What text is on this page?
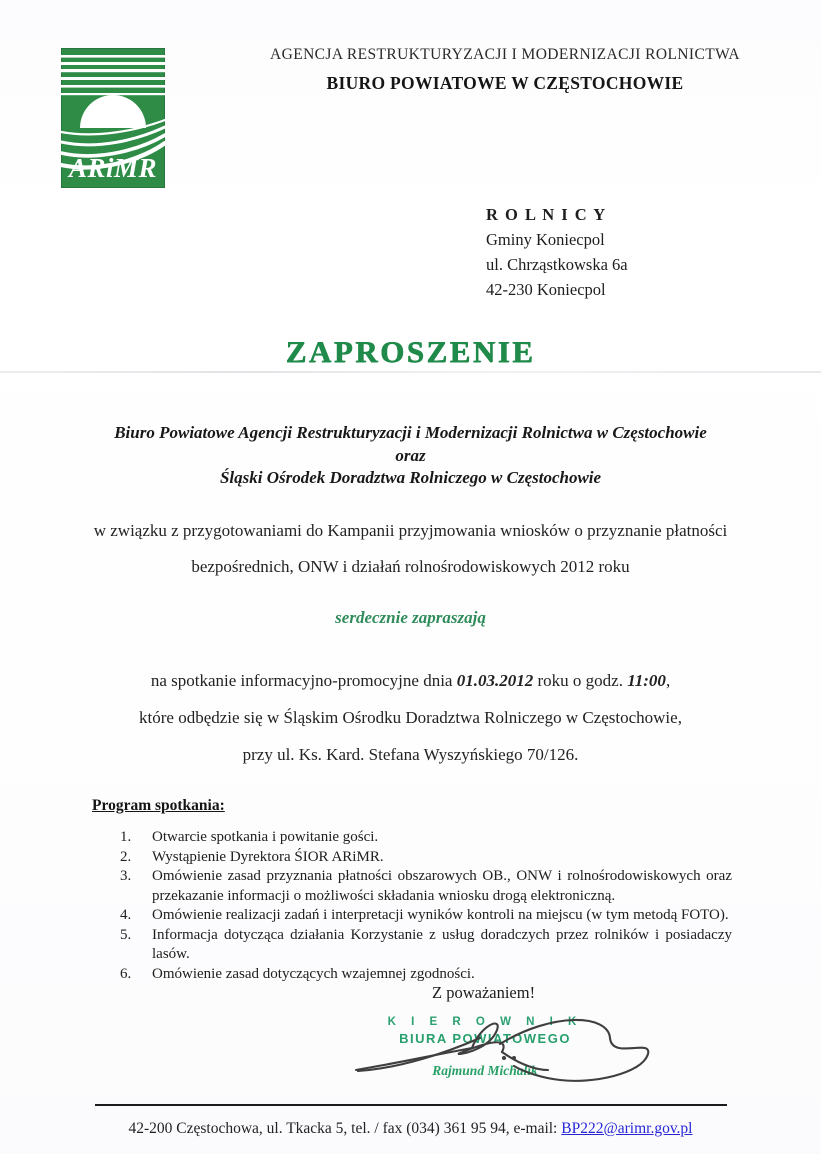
ARiMR
AGENCJA RESTRUKTURYZACJI I MODERNIZACJI ROLNICTWA
BIURO POWIATOWE W CZĘSTOCHOWIE
R O L N I C Y
Gminy Koniecpol
ul. Chrząstkowska 6a
42-230 Koniecpol
ZAPROSZENIE
Biuro Powiatowe Agencji Restrukturyzacji i Modernizacji Rolnictwa w Częstochowie
oraz
Śląski Ośrodek Doradztwa Rolniczego w Częstochowie
w związku z przygotowaniami do Kampanii przyjmowania wniosków o przyznanie płatności
bezpośrednich, ONW i działań rolnośrodowiskowych 2012 roku
serdecznie zapraszają
na spotkanie informacyjno-promocyjne dnia 01.03.2012 roku o godz. 11:00,
które odbędzie się w Śląskim Ośrodku Doradztwa Rolniczego w Częstochowie,
przy ul. Ks. Kard. Stefana Wyszyńskiego 70/126.
Program spotkania:
1.	Otwarcie spotkania i powitanie gości.
2.	Wystąpienie Dyrektora ŚIOR ARiMR.
3.	Omówienie zasad przyznania płatności obszarowych OB., ONW i rolnośrodowiskowych oraz przekazanie informacji o możliwości składania wniosku drogą elektroniczną.
4.	Omówienie realizacji zadań i interpretacji wyników kontroli na miejscu (w tym metodą FOTO).
5.	Informacja dotycząca działania Korzystanie z usług doradczych przez rolników i posiadaczy lasów.
6.	Omówienie zasad dotyczących wzajemnej zgodności.
Z poważaniem!
K I E R O W N I K
BIURA POWIATOWEGO
Rajmund Michalik
42-200 Częstochowa, ul. Tkacka 5, tel. / fax (034) 361 95 94, e-mail: BP222@arimr.gov.pl
